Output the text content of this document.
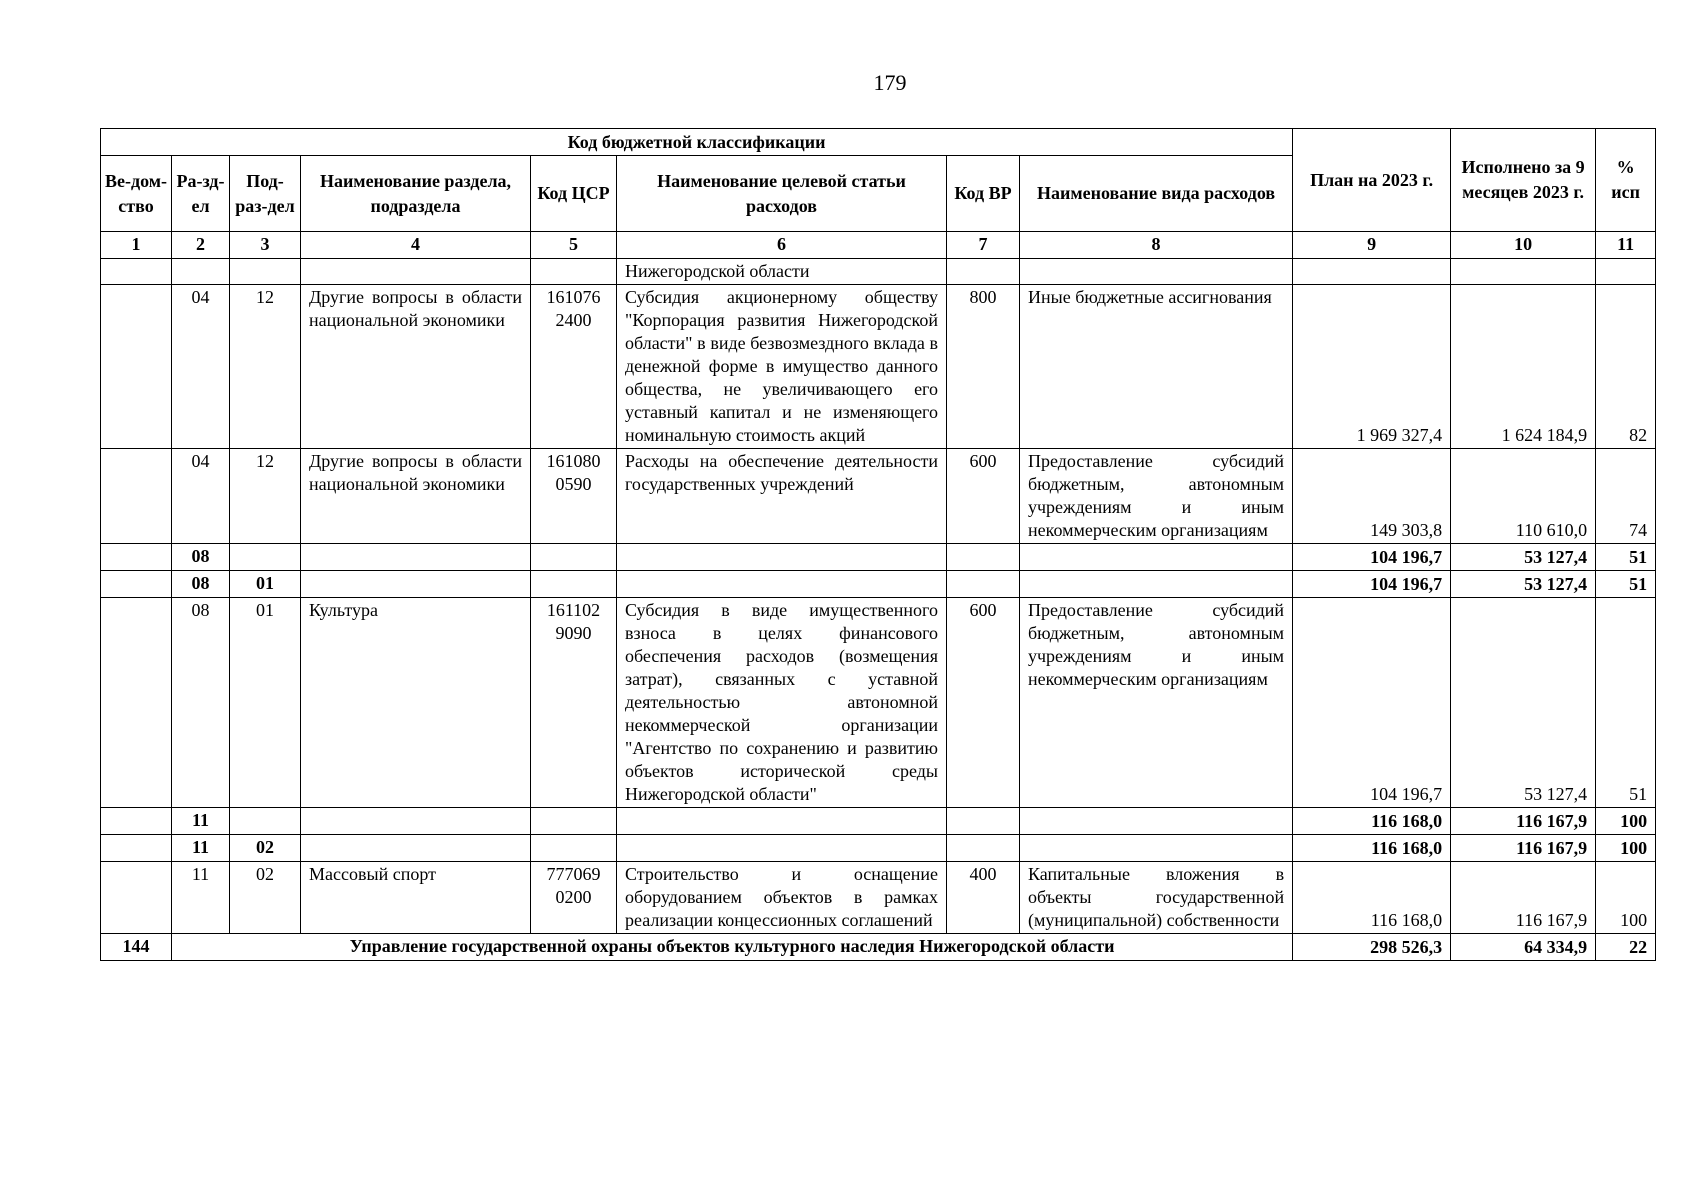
179
Код бюджетной классификации								План на 2023 г.	Исполнено за 9 месяцев 2023 г.	% исп
Ве-дом-ство	Ра-зд-ел	Под-раз-дел	Наименование раздела, подраздела	Код ЦСР	Наименование целевой статьи расходов	Код ВР	Наименование вида расходов			
1	2	3	4	5	6	7	8	9	10	11
					Нижегородской области					
	04	12	Другие вопросы в области национальной экономики	161076 2400	Субсидия акционерному обществу "Корпорация развития Нижегородской области" в виде безвозмездного вклада в денежной форме в имущество данного общества, не увеличивающего его уставный капитал и не изменяющего номинальную стоимость акций	800	Иные бюджетные ассигнования	1 969 327,4	1 624 184,9	82
	04	12	Другие вопросы в области национальной экономики	161080 0590	Расходы на обеспечение деятельности государственных учреждений	600	Предоставление субсидий бюджетным, автономным учреждениям и иным некоммерческим организациям	149 303,8	110 610,0	74
	08							104 196,7	53 127,4	51
	08	01						104 196,7	53 127,4	51
	08	01	Культура	161102 9090	Субсидия в виде имущественного взноса в целях финансового обеспечения расходов (возмещения затрат), связанных с уставной деятельностью автономной некоммерческой организации "Агентство по сохранению и развитию объектов исторической среды Нижегородской области"	600	Предоставление субсидий бюджетным, автономным учреждениям и иным некоммерческим организациям	104 196,7	53 127,4	51
	11							116 168,0	116 167,9	100
	11	02						116 168,0	116 167,9	100
	11	02	Массовый спорт	777069 0200	Строительство и оснащение оборудованием объектов в рамках реализации концессионных соглашений	400	Капитальные вложения в объекты государственной (муниципальной) собственности	116 168,0	116 167,9	100
144	Управление государственной охраны объектов культурного наследия Нижегородской области							298 526,3	64 334,9	22
